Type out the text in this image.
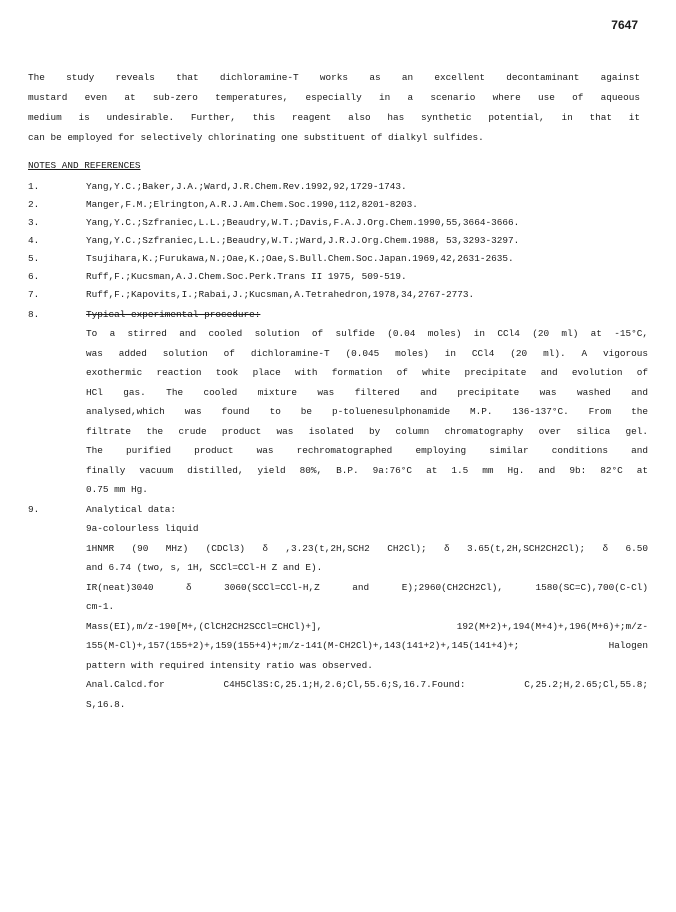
7647

The study reveals that dichloramine-T works as an excellent decontaminant against

mustard even at sub-zero temperatures, especially in a scenario where use of aqueous

medium is undesirable. Further, this reagent also has synthetic potential, in that it

can be employed for selectively chlorinating one substituent of dialkyl sulfides.

NOTES AND REFERENCES
1.	Yang,Y.C.;Baker,J.A.;Ward,J.R.Chem.Rev.1992,92,1729-1743.
2.	Manger,F.M.;Elrington,A.R.J.Am.Chem.Soc.1990,112,8201-8203.
3.	Yang,Y.C.;Szfraniec,L.L.;Beaudry,W.T.;Davis,F.A.J.Org.Chem.1990,55,3664-3666.
4.	Yang,Y.C.;Szfraniec,L.L.;Beaudry,W.T.;Ward,J.R.J.Org.Chem.1988, 53,3293-3297.
5.	Tsujihara,K.;Furukawa,N.;Oae,K.;Oae,S.Bull.Chem.Soc.Japan.1969,42,2631-2635.
6.	Ruff,F.;Kucsman,A.J.Chem.Soc.Perk.Trans II 1975, 509-519.
7.	Ruff,F.;Kapovits,I.;Rabai,J.;Kucsman,A.Tetrahedron,1978,34,2767-2773.
8.	Typical experimental procedure:
To a stirred and cooled solution of sulfide (0.04 moles) in CCl4 (20 ml) at -15°C,
was added solution of dichloramine-T (0.045 moles) in CCl4 (20 ml). A vigorous
exothermic reaction took place with formation of white precipitate and evolution of
HCl gas. The cooled mixture was filtered and precipitate was washed and
analysed,which was found to be p-toluenesulphonamide M.P. 136-137°C. From the
filtrate the crude product was isolated by column chromatography over silica gel.
The purified product was rechromatographed employing similar conditions and
finally vacuum distilled, yield 80%, B.P. 9a:76°C at 1.5 mm Hg. and 9b: 82°C at
0.75 mm Hg.
9.	Analytical data:
9a-colourless liquid
1HNMR (90 MHz) (CDCl3) δ ,3.23(t,2H,SCH2 CH2Cl); δ 3.65(t,2H,SCH2CH2Cl); δ 6.50
and 6.74 (two, s, 1H, SCCl=CCl-H Z and E).
IR(neat)3040 δ 3060(SCCl=CCl-H,Z and E);2960(CH2CH2Cl), 1580(SC=C),700(C-Cl)
cm-1.
Mass(EI),m/z-190[M+,(ClCH2CH2SCCl=CHCl)+], 192(M+2)+,194(M+4)+,196(M+6)+;m/z-
155(M-Cl)+,157(155+2)+,159(155+4)+;m/z-141(M-CH2Cl)+,143(141+2)+,145(141+4)+; Halogen
pattern with required intensity ratio was observed.
Anal.Calcd.for C4H5Cl3S:C,25.1;H,2.6;Cl,55.6;S,16.7.Found: C,25.2;H,2.65;Cl,55.8;
S,16.8.
